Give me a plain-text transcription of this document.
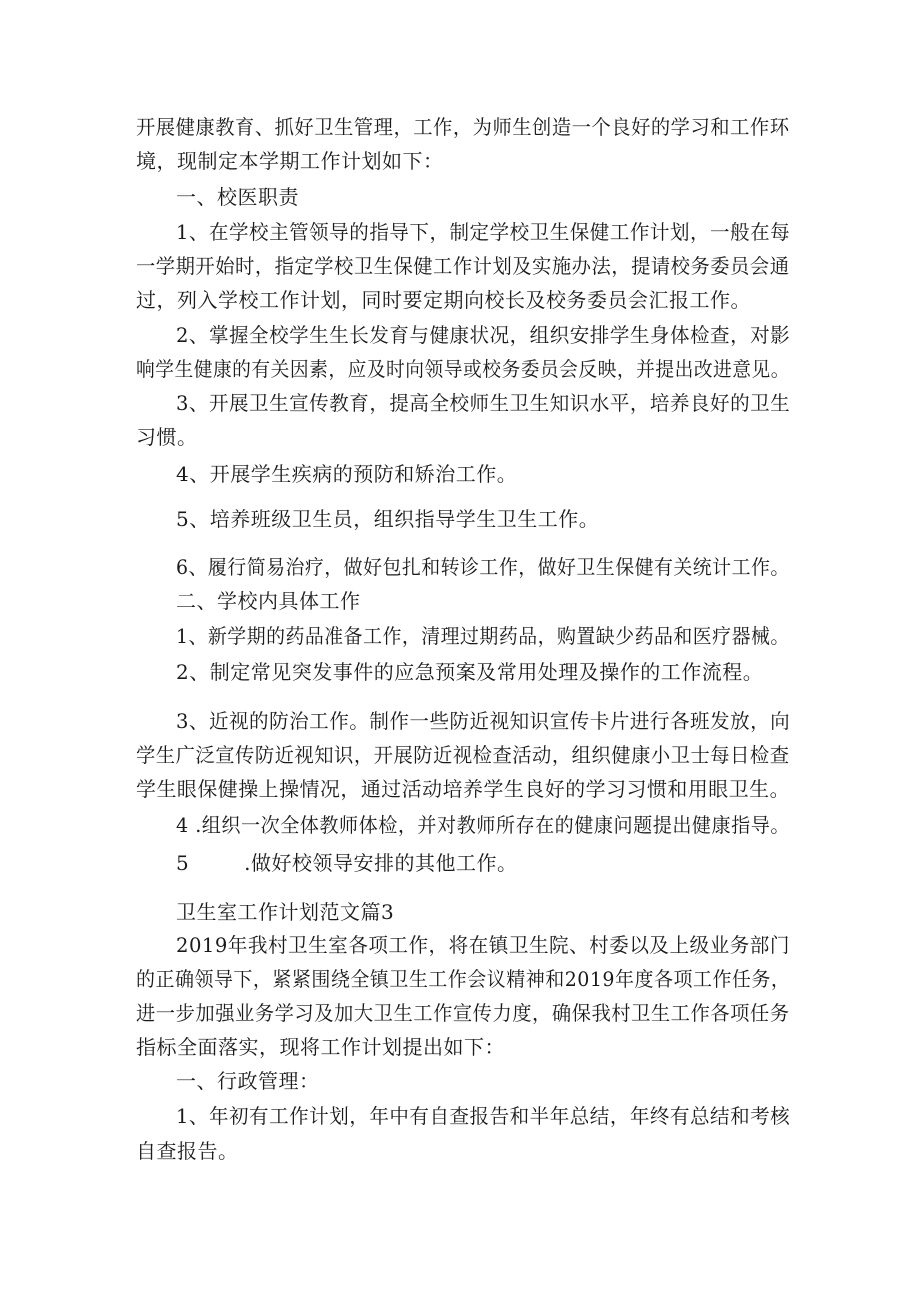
开展健康教育、抓好卫生管理，工作，为师生创造一个良好的学习和工作环
境，现制定本学期工作计划如下：
一、校医职责
1、在学校主管领导的指导下，制定学校卫生保健工作计划，一般在每
一学期开始时，指定学校卫生保健工作计划及实施办法，提请校务委员会通
过，列入学校工作计划，同时要定期向校长及校务委员会汇报工作。
2、掌握全校学生生长发育与健康状况，组织安排学生身体检查，对影
响学生健康的有关因素，应及时向领导或校务委员会反映，并提出改进意见。
3、开展卫生宣传教育，提高全校师生卫生知识水平，培养良好的卫生
习惯。
4、开展学生疾病的预防和矫治工作。
5、培养班级卫生员，组织指导学生卫生工作。
6、履行简易治疗，做好包扎和转诊工作，做好卫生保健有关统计工作。
二、学校内具体工作
1、新学期的药品准备工作，清理过期药品，购置缺少药品和医疗器械。
2、制定常见突发事件的应急预案及常用处理及操作的工作流程。
3、近视的防治工作。制作一些防近视知识宣传卡片进行各班发放，向
学生广泛宣传防近视知识，开展防近视检查活动，组织健康小卫士每日检查
学生眼保健操上操情况，通过活动培养学生良好的学习习惯和用眼卫生。
4 .组织一次全体教师体检，并对教师所存在的健康问题提出健康指导。
5        .做好校领导安排的其他工作。
卫生室工作计划范文篇3
2019年我村卫生室各项工作，将在镇卫生院、村委以及上级业务部门
的正确领导下，紧紧围绕全镇卫生工作会议精神和2019年度各项工作任务，
进一步加强业务学习及加大卫生工作宣传力度，确保我村卫生工作各项任务
指标全面落实，现将工作计划提出如下：
一、行政管理：
1、年初有工作计划，年中有自查报告和半年总结，年终有总结和考核
自查报告。
